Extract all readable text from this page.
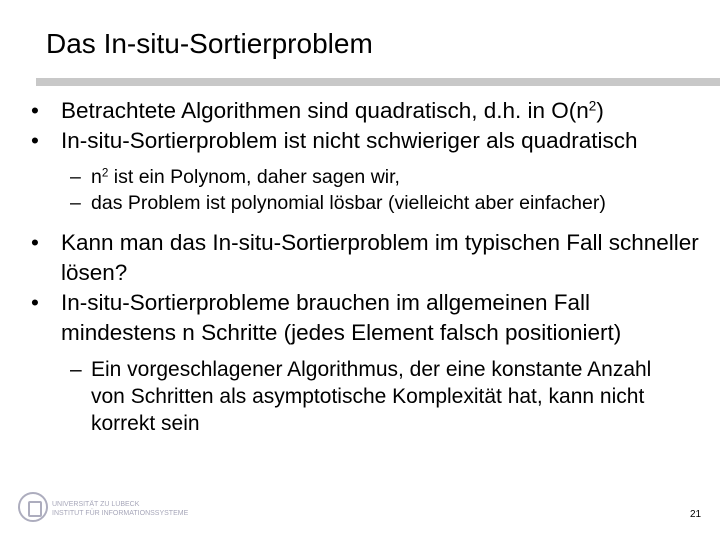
Das In-situ-Sortierproblem
• Betrachtete Algorithmen sind quadratisch, d.h. in $O(n^2)$
• In-situ-Sortierproblem ist nicht schwieriger als quadratisch
– $n^2$ ist ein Polynom, daher sagen wir,
– das Problem ist polynomial lösbar (vielleicht aber einfacher)
• Kann man das In-situ-Sortierproblem im typischen Fall schneller lösen?
• In-situ-Sortierprobleme brauchen im allgemeinen Fall mindestens n Schritte (jedes Element falsch positioniert)
– Ein vorgeschlagener Algorithmus, der eine konstante Anzahl von Schritten als asymptotische Komplexität hat, kann nicht korrekt sein
UNIVERSITÄT ZU LÜBECK
INSTITUT FÜR INFORMATIONSSYSTEME	21
